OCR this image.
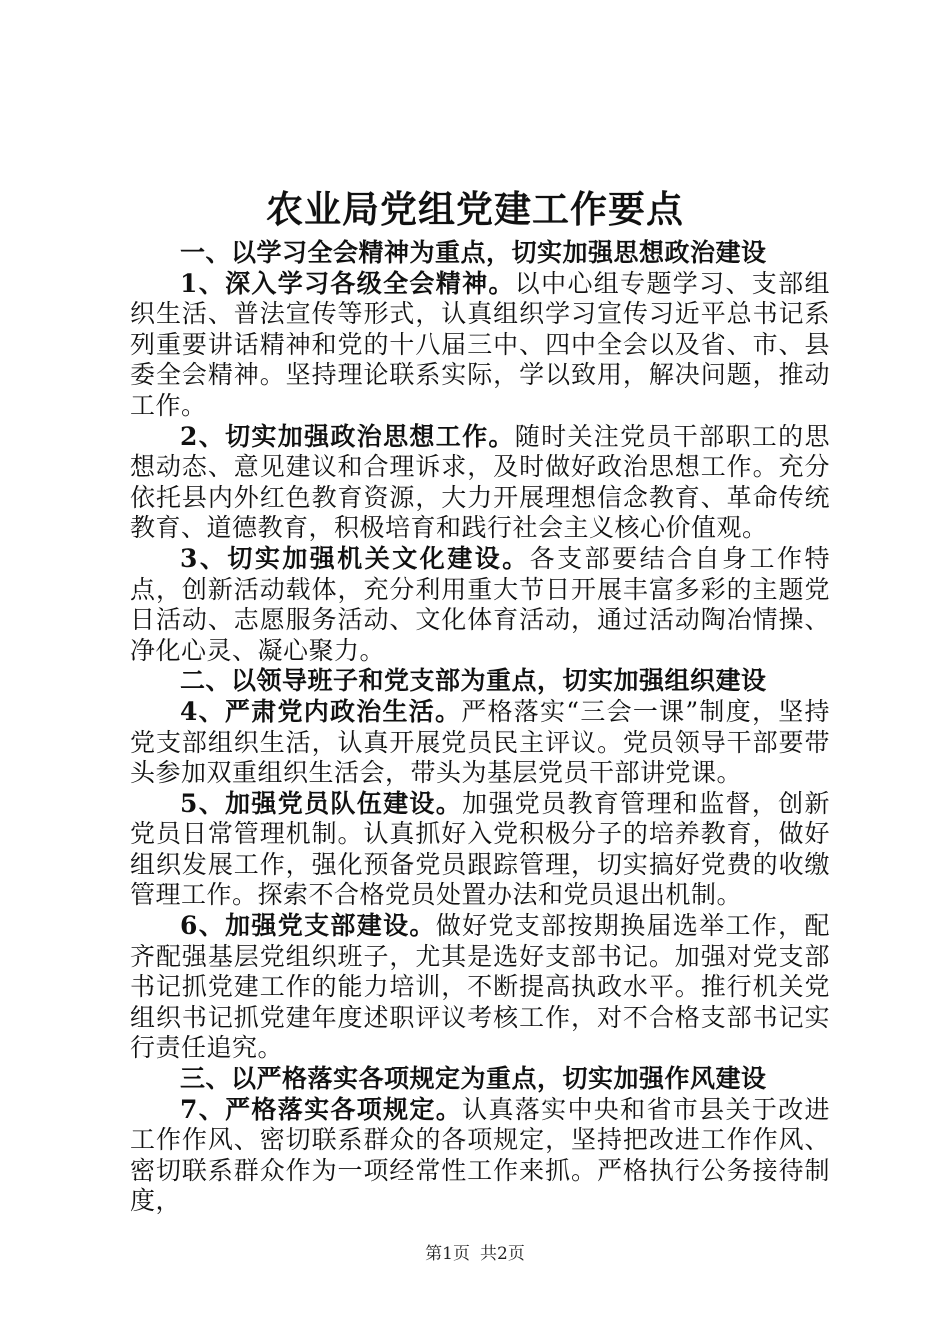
农业局党组党建工作要点

一、以学习全会精神为重点，切实加强思想政治建设

1、深入学习各级全会精神。以中心组专题学习、支部组织生活、普法宣传等形式，认真组织学习宣传习近平总书记系列重要讲话精神和党的十八届三中、四中全会以及省、市、县委全会精神。坚持理论联系实际，学以致用，解决问题，推动工作。

2、切实加强政治思想工作。随时关注党员干部职工的思想动态、意见建议和合理诉求，及时做好政治思想工作。充分依托县内外红色教育资源，大力开展理想信念教育、革命传统教育、道德教育，积极培育和践行社会主义核心价值观。

3、切实加强机关文化建设。各支部要结合自身工作特点，创新活动载体，充分利用重大节日开展丰富多彩的主题党日活动、志愿服务活动、文化体育活动，通过活动陶冶情操、净化心灵、凝心聚力。

二、以领导班子和党支部为重点，切实加强组织建设

4、严肃党内政治生活。严格落实“三会一课”制度，坚持党支部组织生活，认真开展党员民主评议。党员领导干部要带头参加双重组织生活会，带头为基层党员干部讲党课。

5、加强党员队伍建设。加强党员教育管理和监督，创新党员日常管理机制。认真抓好入党积极分子的培养教育，做好组织发展工作，强化预备党员跟踪管理，切实搞好党费的收缴管理工作。探索不合格党员处置办法和党员退出机制。

6、加强党支部建设。做好党支部按期换届选举工作，配齐配强基层党组织班子，尤其是选好支部书记。加强对党支部书记抓党建工作的能力培训，不断提高执政水平。推行机关党组织书记抓党建年度述职评议考核工作，对不合格支部书记实行责任追究。

三、以严格落实各项规定为重点，切实加强作风建设

7、严格落实各项规定。认真落实中央和省市县关于改进工作作风、密切联系群众的各项规定，坚持把改进工作作风、密切联系群众作为一项经常性工作来抓。严格执行公务接待制度，

第1页 共2页
